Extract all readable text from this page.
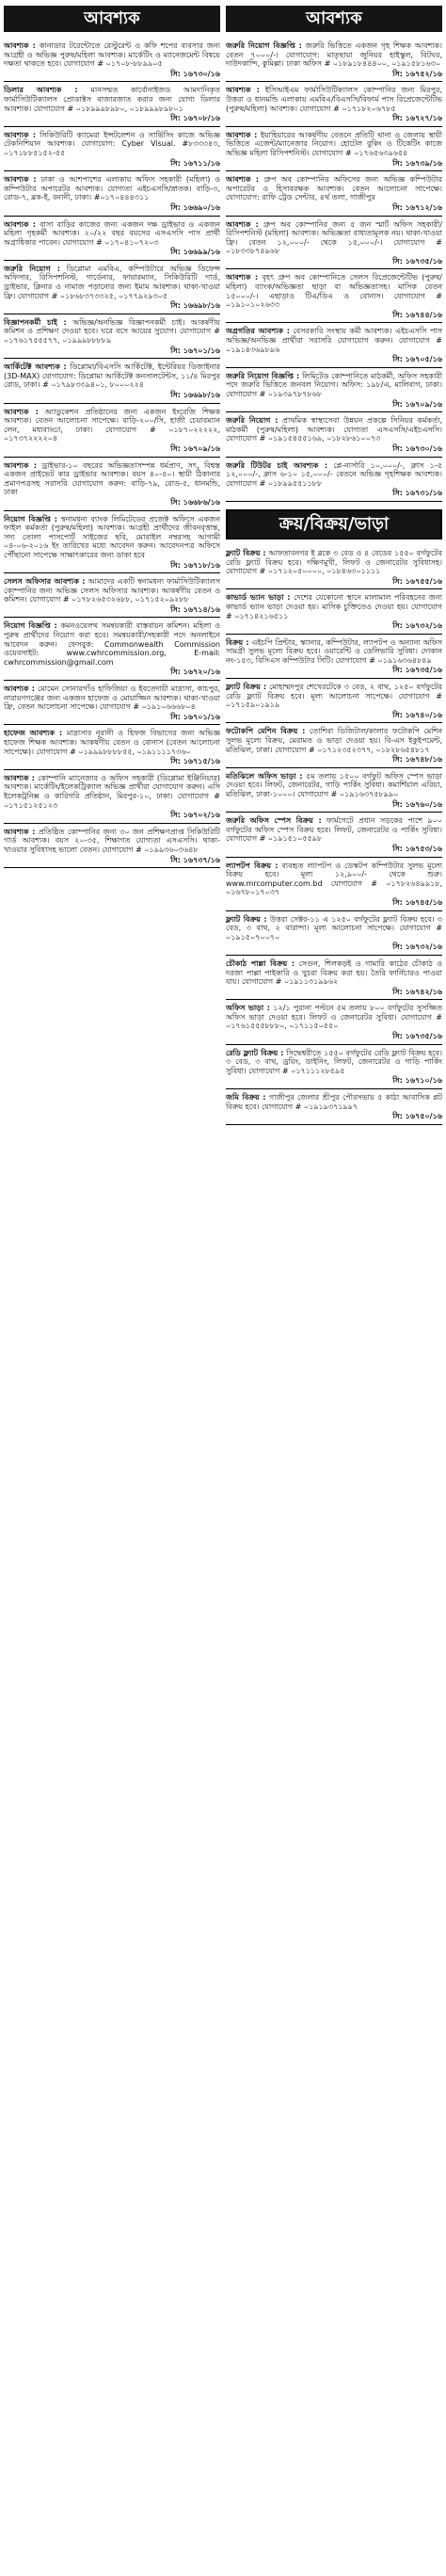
আবশ্যক
আবশ্যক : কানাডার টরেন্টোতে রেস্টুরেন্ট ও কফি শপের ব্যবসার জন্য আগ্রহী ও অভিজ্ঞ পুরুষ/মহিলা আবশ্যক। মার্কেটিং ও ম্যানেজমেন্ট বিষয়ে দক্ষতা থাকতে হবে। যোগাযোগ # ০১৭০৮-৮৮৯৯০৫
সি: ১৬৭৩০/১৬
ডিলার আবশ্যক : মানসম্মত কার্বোনাইজড আমদানিকৃত ফার্মাসিউটিক্যালস প্রোডাক্টস বাজারজাত করার জন্য যোগ্য ডিলার আবশ্যক। যোগাযোগ # ০১৮৯৯৯৮৯৮০, ০১৮৯৯৯৮৯৮০১
সি: ১৬৭০৮/১৬
আবশ্যক : সিকিউরিটি ক্যামেরা ইন্সটলেশন ও সার্ভিসিং কাজে অভিজ্ঞ টেকনিশিয়ান আবশ্যক। যোগাযোগ: Cyber Visual. #৮৩৩৩৪৩, ০১৭১৮৮৫১৫২-৫৫
সি: ১৬৭১১/১৬
আবশ্যক : ঢাকা ও আশপাশের এলাকায় অফিস সহকারী (মহিলা) ও কম্পিউটার অপারেটর আবশ্যক। যোগ্যতা এইচএসসি/স্নাতক। বাড়ি-৩, রোড-৭, ব্লক-ই, বনানী, ঢাকা। #০১৭০৪৪৪৩১১
সি: ১৬৬৯০/১৬
আবশ্যক : বাসা বাড়ির কাজের জন্য একজন দক্ষ ড্রাইভার ও একজন মহিলা গৃহকর্মী আবশ্যক। ২০/২২ বছর বয়সের এসএসসি পাস প্রার্থী অগ্রাধিকার পাবেন। যোগাযোগ # ০১৭০৪১০৭২০৩
সি: ১৬৬৯৯/১৬
জরুরি নিয়োগ : ডিপ্লোমা এমবিএ, কম্পিউটারে অভিজ্ঞ ডিফেন্স অফিসার, রিসিপশনিস্ট, গার্ডেনার, ফায়ারম্যান, সিকিউরিটি গার্ড, ড্রাইভার, ক্লিনার ও নামাজ পড়ানোর জন্য ইমাম আবশ্যক। থাকা-খাওয়া ফ্রি। যোগাযোগ # ০১৮৬৮৩৭৩৩২৫, ০১৭৭৯২৯৩০৫
সি: ১৬৬৯৮/১৬
বিজ্ঞাপনকর্মী চাই : অভিজ্ঞ/অনভিজ্ঞ বিজ্ঞাপনকর্মী চাই। আকর্ষণীয় কমিশন ও প্রশিক্ষণ দেওয়া হবে। ঘরে বসে আয়ের সুযোগ। যোগাযোগ # ০১৭৬১৭৫৫৫৭৭, ০১৯৯৯৮৮৮৮৯
সি: ১৬৭০১/১৬
আর্কিটেক্ট আবশ্যক : ডিপ্লোমা/বিএসসি আর্কিটেক্ট, ইন্টেরিয়র ডিজাইনার (3D-MAX) যোগাযোগ: ডিপ্লোমা আর্কিটেক্ট কনসালটেন্টস, ১১/৪ মিরপুর রোড, ঢাকা। # ০১৭৯৮৩৩৯৪০১, ৮০০০২২৪
সি: ১৬৬৯৮/১৬
আবশ্যক : অ্যাডুকেশন প্রতিষ্ঠানের জন্য একজন ইংরেজি শিক্ষক আবশ্যক। বেতন আলোচনা সাপেক্ষে। বাড়ি-২০০/সি, হাজী চেয়ারম্যান লেন, মধ্যবাড্ডা, ঢাকা। যোগাযোগ # ০১৮৭০২২২২২, ০১৭৩৭২২২২০৪
সি: ১৬৭০৯/১৬
আবশ্যক : ড্রাইভার-১০ বছরের অভিজ্ঞতাসম্পন্ন ধর্মপ্রাণ, সৎ, বিশ্বস্ত একজন প্রাইভেট কার ড্রাইভার আবশ্যক। বয়স ৪০-৫০। স্থায়ী ঠিকানার প্রমাণপত্রসহ সরাসরি যোগাযোগ করুন: বাড়ি-৭৯, রোড-৫, ধানমন্ডি, ঢাকা
সি: ১৬৬৮৬/১৬
নিয়োগ বিজ্ঞপ্তি : স্বনামধন্য ব্যাংক লিমিটেডের প্রজেক্ট অফিসে একজন ফাইল কর্মকর্তা (পুরুষ/মহিলা) আবশ্যক। আগ্রহী প্রার্থীদের জীবনবৃত্তান্ত, সদ্য তোলা পাসপোর্ট সাইজের ছবি, মোবাইল নম্বরসহ আগামী ০৪-০৬-২০১৬ ইং তারিখের মধ্যে আবেদন করুন। আবেদনপত্র অফিসে পৌঁছানো সাপেক্ষে সাক্ষাৎকারের জন্য ডাকা হবে
সি: ১৬৭১৮/১৬
সেলস অফিসার আবশ্যক : আমাদের একটি স্বনামধন্য ফার্মাসিউটিক্যালস কোম্পানির জন্য অভিজ্ঞ সেলস অফিসার আবশ্যক। আকর্ষণীয় বেতন ও কমিশন। যোগাযোগ # ০১৭৮২৬৫৩২৬৮৮, ০১৭১৫২০৯২৮৮
সি: ১৬৭১৪/১৬
নিয়োগ বিজ্ঞপ্তি : কমনওয়েলথ সমন্বয়কারী বাস্তবায়ন কমিশন। মহিলা ও পুরুষ প্রার্থীদের নিয়োগ করা হবে। সমন্বয়কারী/সহকারী পদে অনলাইনে আবেদন করুন। ফেসবুক: Commonwealth Commission ওয়েবসাইট: www.cwhrcommission.org, E-mail: cwhrcommission@gmail.com
সি: ১৬৭২০/১৬
আবশ্যক : মোমেন সোনারগাঁও হাফিজিয়া ও ইবতেদায়ী মাদ্রাসা, কাচপুর, নারায়ণগঞ্জের জন্য একজন হাফেজ ও মোয়াজ্জিন আবশ্যক। থাকা-খাওয়া ফ্রি, বেতন আলোচনা সাপেক্ষে। যোগাযোগ # ০১৯১০৬৬৬৮০৪
সি: ১৬৭০১/১৬
হাফেজ আবশ্যক : মাদ্রাসার নূরানী ও হিফজ বিভাগের জন্য অভিজ্ঞ হাফেজ শিক্ষক আবশ্যক। আকর্ষণীয় বেতন ও বোনাস (বেতন আলোচনা সাপেক্ষে)। যোগাযোগ # ০১৯৯৯৮৮৮৮৫৫, ০১৯১১১১৭৩৬০
সি: ১৬৭১৫/১৬
আবশ্যক : কোম্পানি ম্যানেজার ও অফিস সহকারী (ডিপ্লোমা ইঞ্জিনিয়ার) আবশ্যক। মার্কেটিং/ইলেকট্রিক্যাল অভিজ্ঞ প্রার্থীরা যোগাযোগ করুন। এসি ইলেকট্রনিক্স ও কারিগরি প্রতিষ্ঠান, মিরপুর-১০, ঢাকা। যোগাযোগ # ০১৭১৫১২৫১২৩
সি: ১৬৭০২/১৬
আবশ্যক : প্রতিষ্ঠিত কোম্পানির জন্য ৩০ জন প্রশিক্ষণপ্রাপ্ত সিকিউরিটি গার্ড আবশ্যক। বয়স ২০-৩৫, শিক্ষাগত যোগ্যতা এসএসসি। থাকা-খাওয়ার সুবিধাসহ ভালো বেতন। যোগাযোগ # ০১৯৯৩৬০৩৬৪৮
সি: ১৬৭৩৭/১৬
আবশ্যক
জরুরি নিয়োগ বিজ্ঞপ্তি : জরুরি ভিত্তিতে একজন গৃহ শিক্ষক আবশ্যক। বেতন ৭০০০/-। যোগাযোগ: মাতৃছায়া জুনিয়র হাইস্কুল, বিটঘর, দাউদকান্দি, কুমিল্লা। ঢাকা অফিস # ০১৮৯১৮৪৪৪০০, ০১৯১৫৮১৬৩০
সি: ১৬৭৫২/১৬
আবশ্যক : ইসিআইএম ফার্মাসিউটিক্যালস কোম্পানির জন্য মিরপুর, উত্তরা ও ধানমন্ডি এলাকায় এমবিএ/বিএসসি/বিফার্ম পাস রিপ্রেজেন্টেটিভ (পুরুষ/মহিলা) আবশ্যক। যোগাযোগ # ০১৭১৮২০৬৭৮৫
সি: ১৬৭২৭/১৬
আবশ্যক : ইয়াহিয়ারের আকর্ষণীয় বেতনে প্রতিটি থানা ও জেলায় স্থায়ী ভিত্তিতে এজেন্ট/ম্যানেজার নিয়োগ। হোটেল বুকিং ও টিকেটিং কাজে অভিজ্ঞ মহিলা রিসিপশনিস্ট। যোগাযোগ # ০১৭৬৫৬৩৯৬৫৪
সি: ১৬৭৩৯/১৬
আবশ্যক : গ্রুপ অব কোম্পানির অফিসের জন্য অভিজ্ঞ কম্পিউটার অপারেটর ও হিসাবরক্ষক আবশ্যক। বেতন আলোচনা সাপেক্ষে। যোগাযোগ: রাফি ট্রেড সেন্টার, ৪র্থ তলা, গাজীপুর
সি: ১৬৭১২/১৬
আবশ্যক : গ্রুপ অব কোম্পানির জন্য ৫ জন স্মার্ট অফিস সহকারী/রিসিপশনিস্ট (মহিলা) আবশ্যক। অভিজ্ঞতা বাধ্যতামূলক নয়। থাকা-খাওয়া ফ্রি। বেতন ১২,০০০/- থেকে ১৫,০০০/-। যোগাযোগ # ০১৮৩৩৮৭৪৯৬৮
সি: ১৬৭৩৫/১৬
আবশ্যক : বৃহৎ গ্রুপ অব কোম্পানিতে সেলস রিপ্রেজেন্টেটিভ (পুরুষ/মহিলা) ব্যাংক/অভিজ্ঞতা ছাড়া বা অভিজ্ঞতাসহ। মাসিক বেতন ১৫০০০/-। এছাড়াও টিএ/ডিএ ও বোনাস। যোগাযোগ # ০১৯১০১০২৬৩৩
সি: ১৬৭৪৪/১৬
অগ্রগতির আবশ্যক : বেসরকারি সংস্থায় কর্মী আবশ্যক। এইচএসসি পাস অভিজ্ঞ/অনভিজ্ঞ প্রার্থীরা সরাসরি যোগাযোগ করুন। যোগাযোগ # ০১৯১৪৩৬৯৮৯৬
সি: ১৬৭০৫/১৬
জরুরি নিয়োগ বিজ্ঞপ্তি : লিমিটেড কোম্পানিতে মাঠকর্মী, অফিস সহকারী পদে জরুরি ভিত্তিতে জনবল নিয়োগ। অফিস: ১৯৮/এ, মালিবাগ, ঢাকা। যোগাযোগ # ০১৯৩৯৭৮৭৮৬৮
সি: ১৬৭০৯/১৬
জরুরি নিয়োগ : প্রাথমিক স্বাস্থ্যসেবা উন্নয়ন প্রকল্পে সিনিয়র কর্মকর্তা, মাঠকর্মী (পুরুষ/মহিলা) আবশ্যক। যোগ্যতা এসএসসি/এইচএসসি। যোগাযোগ # ০১৯১৫৪৫৫১৬৯, ০১৮২৮৬১০০৭৩
সি: ১৬৭৩০/১৬
জরুরি টিউটর চাই আবশ্যক : প্লে-নার্সারি ১০,০০০/-, ক্লাস ১-৫ ১২,০০০/-, ক্লাস ৬-১০ ১৫,০০০/- বেতনে অভিজ্ঞ গৃহশিক্ষক আবশ্যক। যোগাযোগ # ০১৮৯৯৫৫১১৮৮
সি: ১৬৭৩১/১৬
ক্রয়/বিক্রয়/ভাড়া
ফ্ল্যাট বিক্রয় : আফতাবনগর ই ব্লকে ৩ বেড ও ৪ বেডের ১৫৫০ বর্গফুটের রেডি ফ্ল্যাট বিক্রয় হবে। দক্ষিণমুখী, লিফট ও জেনারেটর সুবিধাসহ। যোগাযোগ # ০১৭১২০৫০০০০, ০১৮৪৬৩০১১১১
সি: ১৬৭৫৫/১৬
কাভার্ড ভ্যান ভাড়া : দেশের যেকোনো স্থানে মালামাল পরিবহনের জন্য কাভার্ড ভ্যান ভাড়া দেওয়া হয়। মাসিক চুক্তিতেও দেওয়া হয়। যোগাযোগ # ০১৭১৪২১৬৫১১
সি: ১৬৭৩২/১৬
বিক্রয় : এইচপি প্রিন্টার, স্ক্যানার, কম্পিউটার, ল্যাপটপ ও অন্যান্য অফিস সামগ্রী সুলভ মূল্যে বিক্রয় হবে। ওয়ারেন্টি ও ডেলিভারি সুবিধা। দোকান নং-১৫৩, বিসিএস কম্পিউটার সিটি। যোগাযোগ # ০১৯১৬৩৬৪৮৪৯
সি: ১৬৭৩৫/১৬
ফ্ল্যাট বিক্রয় : মোহাম্মদপুর শেখেরটেকে ৩ বেড, ২ বাথ, ১২৫০ বর্গফুটের রেডি ফ্ল্যাট বিক্রয় হবে। মূল্য আলোচনা সাপেক্ষে। যোগাযোগ # ০১৭১৫৯০১৯১৯
সি: ১৬৭৪০/১৬
ফটোকপি মেশিন বিক্রয় : তোশিবা ডিজিটাল/কালার ফটোকপি মেশিন সুলভ মূল্যে বিক্রয়, মেরামত ও ভাড়া দেওয়া হয়। বি-এস ইকুইপমেন্ট, মতিঝিল, ঢাকা। যোগাযোগ # ০১৭১২৩৫২৩৭৭, ০১৮২৮৬৫৪৮১৭
সি: ১৬৭৪৮/১৬
মতিঝিলে অফিস ভাড়া : ৫ম তলায় ১৫০০ বর্গফুট অফিস স্পেস ভাড়া দেওয়া হবে। লিফট, জেনারেটর, গাড়ি পার্কিং সুবিধা। কমার্শিয়াল এরিয়া, মতিঝিল, ঢাকা-১০০০। যোগাযোগ # ০১৯১৬৩৭৫৮৯৯০
সি: ১৬৭৬০/১৬
জরুরি অফিস স্পেস বিক্রয় : ফার্মগেটে প্রধান সড়কের পাশে ৯০০ বর্গফুটের অফিস স্পেস বিক্রয় হবে। লিফট, জেনারেটর ও পার্কিং সুবিধা। যোগাযোগ # ০১৯১৫১০৫৫৯৮
সি: ১৬৭৫৩/১৬
ল্যাপটপ বিক্রয় : ব্যবহৃত ল্যাপটপ ও ডেস্কটপ কম্পিউটার সুলভ মূল্যে বিক্রয় হবে। মূল্য ১২,৯০০/- থেকে শুরু। www.mrcomputer.com.bd যোগাযোগ # ০১৭৮২৬৪৯৯১৮, ০১৬৭৮০১৭০৩৭
সি: ১৬৭৪৫/১৬
ফ্ল্যাট বিক্রয় : উত্তরা সেক্টর-১১ এ ১২৫০ বর্গফুটের ফ্ল্যাট বিক্রয় হবে। ৩ বেড, ৩ বাথ, ২ বারান্দা। মূল্য আলোচনা সাপেক্ষে। যোগাযোগ # ০১৯১৫০৭০০৭০
সি: ১৬৭৩২/১৬
চৌকাঠ পাল্লা বিক্রয় : সেগুন, শিলকড়ই ও গামারি কাঠের চৌকাঠ ও দরজা পাল্লা পাইকারি ও খুচরা বিক্রয় করা হয়। তৈরি ফার্নিচারও পাওয়া যায়। যোগাযোগ # ০১৯১১৩১৯৯৬২
সি: ১৬৭৪২/১৬
অফিস ভাড়া : ১২/১ পুরানা পল্টনে ৫ম তলায় ৮০০ বর্গফুটের সুসজ্জিত অফিস ভাড়া দেওয়া হবে। লিফট ও জেনারেটর সুবিধা। যোগাযোগ # ০১৭৬১৫৫৫৮৮৮০, ০১৭১১৫০৫৫০
সি: ১৬৭৩৫/১৬
রেডি ফ্ল্যাট বিক্রয় : সিদ্ধেশ্বরীতে ১৫৫০ বর্গফুটের রেডি ফ্ল্যাট বিক্রয় হবে। ৩ বেড, ৩ বাথ, ড্রয়িং, ডাইনিং, লিফট, জেনারেটর ও গাড়ি পার্কিং সুবিধা। যোগাযোগ # ০১৭১১১২৮৫৯৫
সি: ১৬৭১০/১৬
জমি বিক্রয় : গাজীপুর জেলার শ্রীপুর পৌরসভায় ৫ কাঠা আবাসিক প্লট বিক্রয় হবে। যোগাযোগ # ০১৯১৯৩৭১৯৯৭
সি: ১৬৭৫০/১৬
